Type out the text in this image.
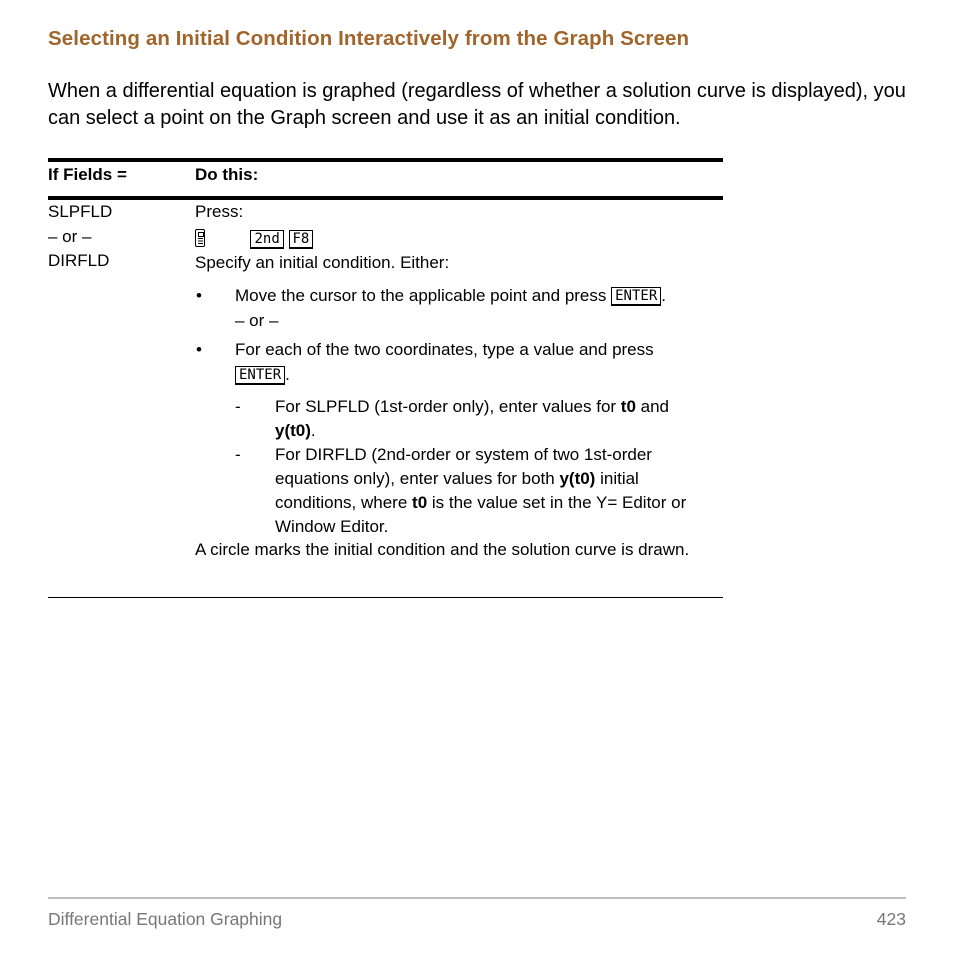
Selecting an Initial Condition Interactively from the Graph Screen
When a differential equation is graphed (regardless of whether a solution curve is displayed), you can select a point on the Graph screen and use it as an initial condition.
If Fields =	Do this:
SLPFLD
– or –
DIRFLD
Press:
2nd F8
Specify an initial condition. Either:
• Move the cursor to the applicable point and press ENTER .
– or –
• For each of the two coordinates, type a value and press
ENTER .
- For SLPFLD (1st-order only), enter values for t0 and
y(t0).
- For DIRFLD (2nd-order or system of two 1st-order equations only), enter values for both y(t0) initial conditions, where t0 is the value set in the Y= Editor or Window Editor.
A circle marks the initial condition and the solution curve is drawn.
Differential Equation Graphing	423
